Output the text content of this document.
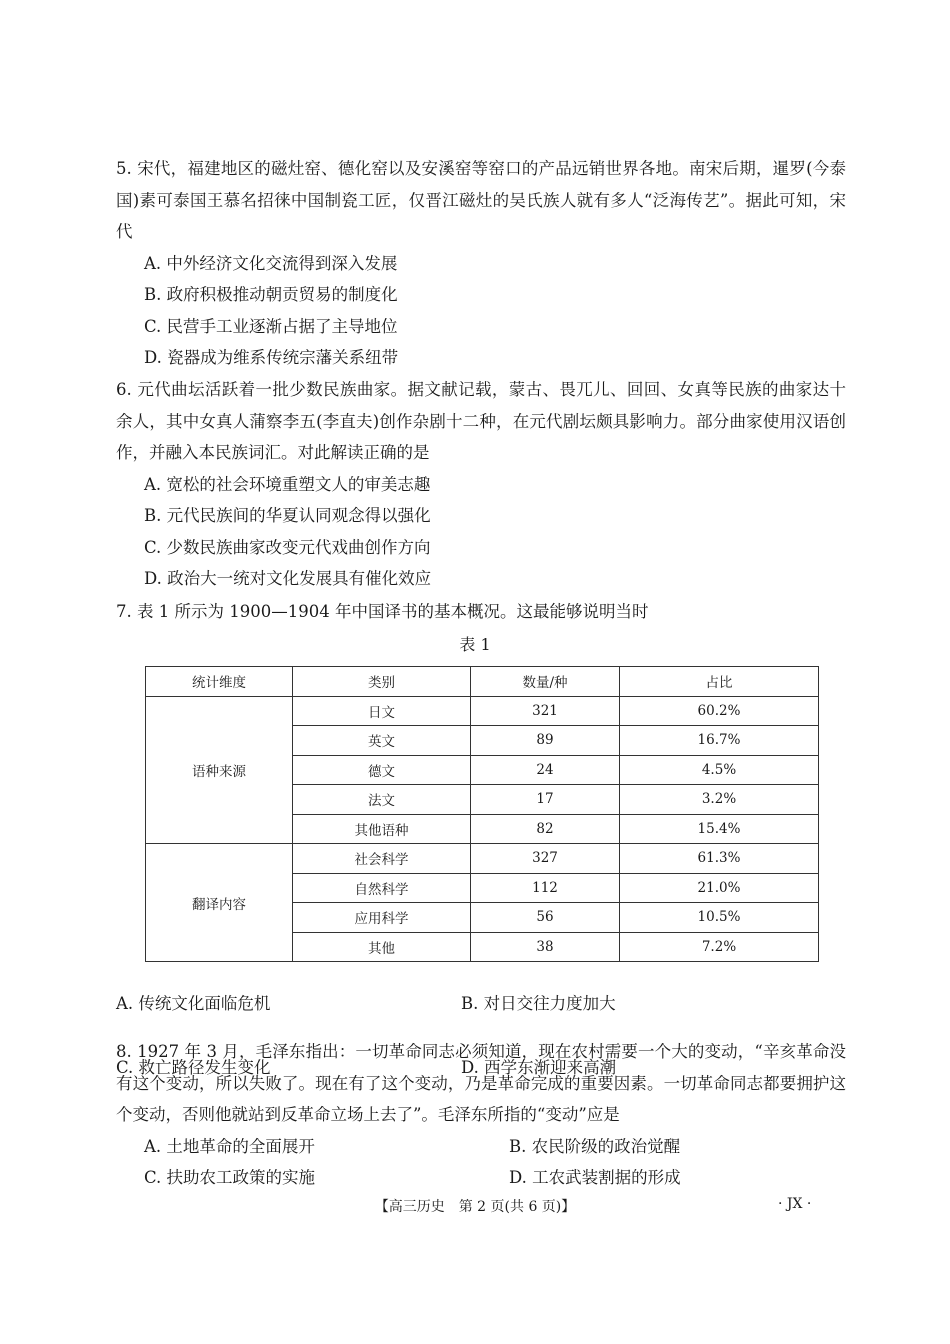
5. 宋代，福建地区的磁灶窑、德化窑以及安溪窑等窑口的产品远销世界各地。南宋后期，暹罗(今泰国)素可泰国王慕名招徕中国制瓷工匠，仅晋江磁灶的吴氏族人就有多人“泛海传艺”。据此可知，宋代

A. 中外经济文化交流得到深入发展

B. 政府积极推动朝贡贸易的制度化

C. 民营手工业逐渐占据了主导地位

D. 瓷器成为维系传统宗藩关系纽带

6. 元代曲坛活跃着一批少数民族曲家。据文献记载，蒙古、畏兀儿、回回、女真等民族的曲家达十余人，其中女真人蒲察李五(李直夫)创作杂剧十二种，在元代剧坛颇具影响力。部分曲家使用汉语创作，并融入本民族词汇。对此解读正确的是

A. 宽松的社会环境重塑文人的审美志趣

B. 元代民族间的华夏认同观念得以强化

C. 少数民族曲家改变元代戏曲创作方向

D. 政治大一统对文化发展具有催化效应

7. 表 1 所示为 1900—1904 年中国译书的基本概况。这最能够说明当时

表 1
统计维度	类别	数量/种	占比
语种来源	日文	321	60.2%
	英文	89	16.7%
	德文	24	4.5%
	法文	17	3.2%
	其他语种	82	15.4%
翻译内容	社会科学	327	61.3%
	自然科学	112	21.0%
	应用科学	56	10.5%
	其他	38	7.2%

A. 传统文化面临危机	B. 对日交往力度加大

C. 救亡路径发生变化	D. 西学东渐迎来高潮

8. 1927 年 3 月，毛泽东指出：一切革命同志必须知道，现在农村需要一个大的变动，“辛亥革命没有这个变动，所以失败了。现在有了这个变动，乃是革命完成的重要因素。一切革命同志都要拥护这个变动，否则他就站到反革命立场上去了”。毛泽东所指的“变动”应是

A. 土地革命的全面展开	B. 农民阶级的政治觉醒

C. 扶助农工政策的实施	D. 工农武装割据的形成

【高三历史　第 2 页(共 6 页)】	· JX ·
